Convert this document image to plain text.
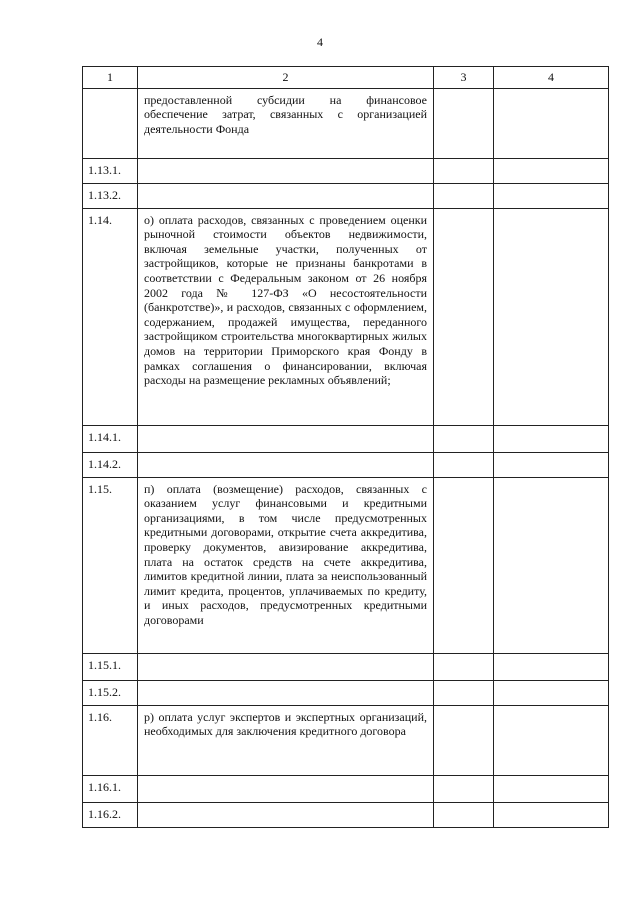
4
1	2	3	4
	предоставленной субсидии на финансовое обеспечение затрат, связанных с организацией деятельности Фонда		
1.13.1.			
1.13.2.			
1.14.	о) оплата расходов, связанных с проведением оценки рыночной стоимости объектов недвижимости, включая земельные участки, полученных от застройщиков, которые не признаны банкротами в соответствии с Федеральным законом от 26 ноября 2002 года № 127-ФЗ «О несостоятельности (банкротстве)», и расходов, связанных с оформлением, содержанием, продажей имущества, переданного застройщиком строительства многоквартирных жилых домов на территории Приморского края Фонду в рамках соглашения о финансировании, включая расходы на размещение рекламных объявлений;		
1.14.1.			
1.14.2.			
1.15.	п) оплата (возмещение) расходов, связанных с оказанием услуг финансовыми и кредитными организациями, в том числе предусмотренных кредитными договорами, открытие счета аккредитива, проверку документов, авизирование аккредитива, плата на остаток средств на счете аккредитива, лимитов кредитной линии, плата за неиспользованный лимит кредита, процентов, уплачиваемых по кредиту, и иных расходов, предусмотренных кредитными договорами		
1.15.1.			
1.15.2.			
1.16.	р) оплата услуг экспертов и экспертных организаций, необходимых для заключения кредитного договора		
1.16.1.			
1.16.2.			
